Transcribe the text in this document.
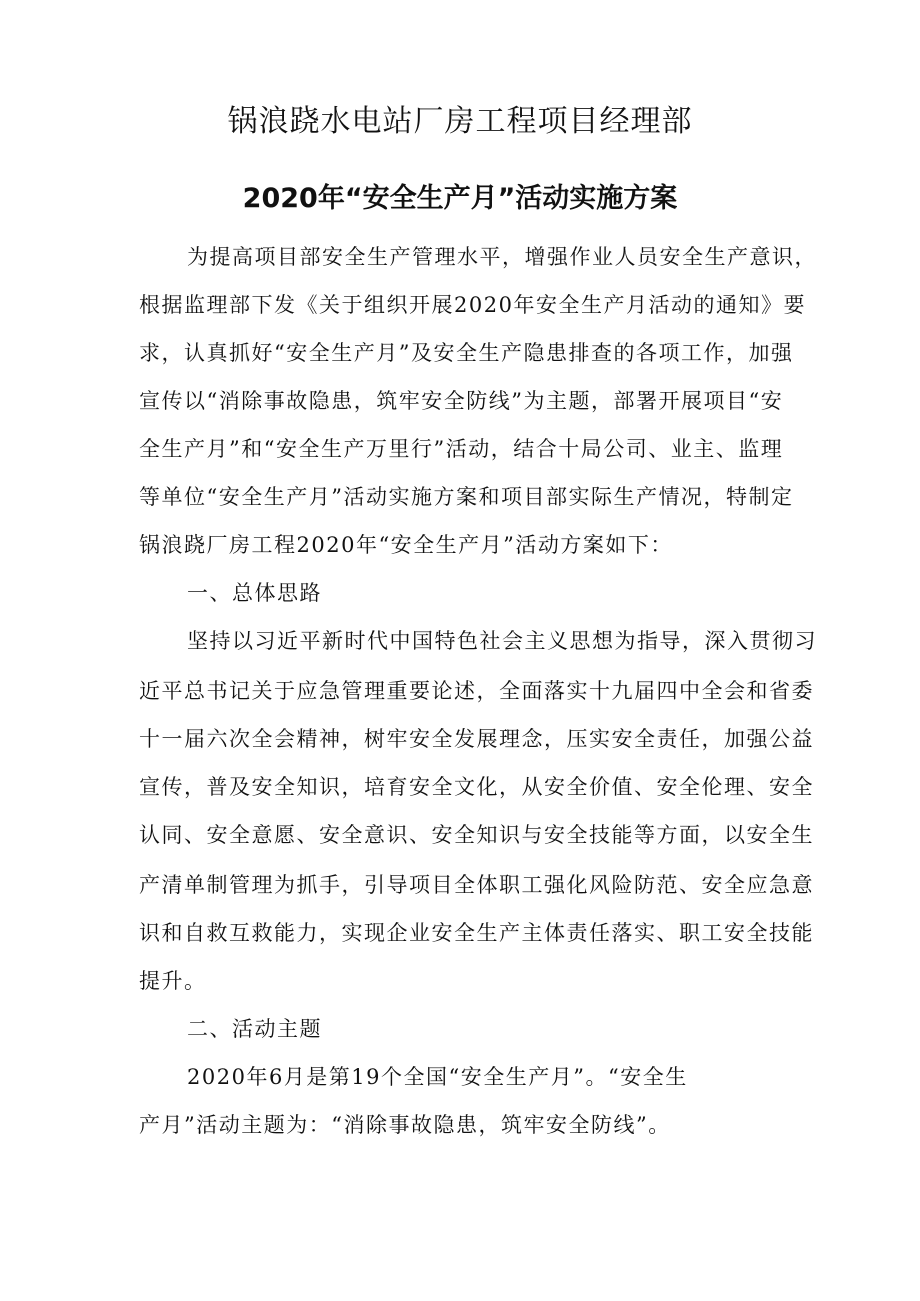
锅浪跷水电站厂房工程项目经理部
2020年“安全生产月”活动实施方案
为提高项目部安全生产管理水平，增强作业人员安全生产意识，
根据监理部下发《关于组织开展2020年安全生产月活动的通知》要
求，认真抓好“安全生产月”及安全生产隐患排查的各项工作，加强
宣传以“消除事故隐患，筑牢安全防线”为主题，部署开展项目“安
全生产月”和“安全生产万里行”活动，结合十局公司、业主、监理
等单位“安全生产月”活动实施方案和项目部实际生产情况，特制定
锅浪跷厂房工程2020年“安全生产月”活动方案如下：
一、总体思路
坚持以习近平新时代中国特色社会主义思想为指导，深入贯彻习
近平总书记关于应急管理重要论述，全面落实十九届四中全会和省委
十一届六次全会精神，树牢安全发展理念，压实安全责任，加强公益
宣传，普及安全知识，培育安全文化，从安全价值、安全伦理、安全
认同、安全意愿、安全意识、安全知识与安全技能等方面，以安全生
产清单制管理为抓手，引导项目全体职工强化风险防范、安全应急意
识和自救互救能力，实现企业安全生产主体责任落实、职工安全技能
提升。
二、活动主题
2020年6月是第19个全国“安全生产月”。“安全生
产月”活动主题为：“消除事故隐患，筑牢安全防线”。
